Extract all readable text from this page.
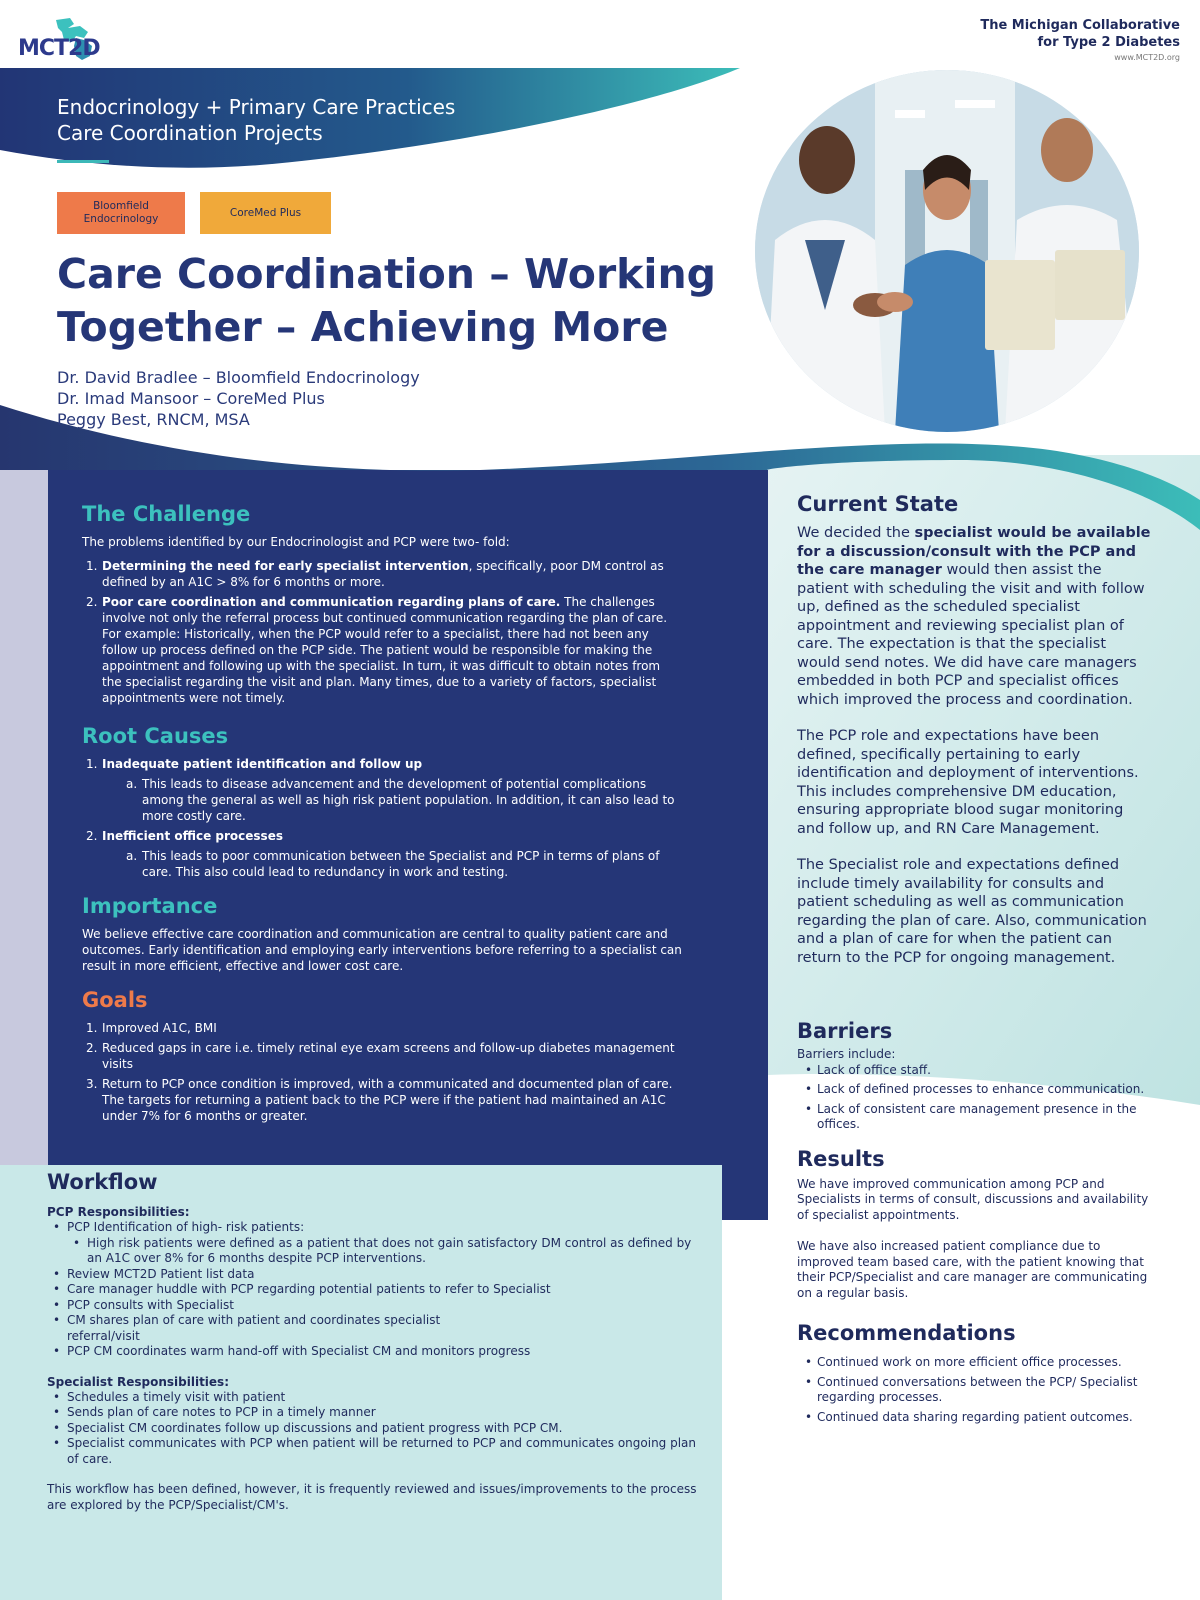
MCT2D
The Michigan Collaborative
for Type 2 Diabetes
www.MCT2D.org
Endocrinology + Primary Care Practices
Care Coordination Projects
Bloomfield Endocrinology
CoreMed Plus
Care Coordination – Working Together – Achieving More
Dr. David Bradlee – Bloomfield Endocrinology
Dr. Imad Mansoor – CoreMed Plus
Peggy Best, RNCM, MSA
The Challenge
The problems identified by our Endocrinologist and PCP were two- fold:
1. Determining the need for early specialist intervention, specifically, poor DM control as defined by an A1C > 8% for 6 months or more.
2. Poor care coordination and communication regarding plans of care. The challenges involve not only the referral process but continued communication regarding the plan of care. For example: Historically, when the PCP would refer to a specialist, there had not been any follow up process defined on the PCP side. The patient would be responsible for making the appointment and following up with the specialist. In turn, it was difficult to obtain notes from the specialist regarding the visit and plan. Many times, due to a variety of factors, specialist appointments were not timely.
Root Causes
1. Inadequate patient identification and follow up
a. This leads to disease advancement and the development of potential complications among the general as well as high risk patient population. In addition, it can also lead to more costly care.
2. Inefficient office processes
a. This leads to poor communication between the Specialist and PCP in terms of plans of care. This also could lead to redundancy in work and testing.
Importance
We believe effective care coordination and communication are central to quality patient care and outcomes. Early identification and employing early interventions before referring to a specialist can result in more efficient, effective and lower cost care.
Goals
1. Improved A1C, BMI
2. Reduced gaps in care i.e. timely retinal eye exam screens and follow-up diabetes management visits
3. Return to PCP once condition is improved, with a communicated and documented plan of care. The targets for returning a patient back to the PCP were if the patient had maintained an A1C under 7% for 6 months or greater.
Current State
We decided the specialist would be available for a discussion/consult with the PCP and the care manager would then assist the patient with scheduling the visit and with follow up, defined as the scheduled specialist appointment and reviewing specialist plan of care. The expectation is that the specialist would send notes. We did have care managers embedded in both PCP and specialist offices which improved the process and coordination.
The PCP role and expectations have been defined, specifically pertaining to early identification and deployment of interventions. This includes comprehensive DM education, ensuring appropriate blood sugar monitoring and follow up, and RN Care Management.
The Specialist role and expectations defined include timely availability for consults and patient scheduling as well as communication regarding the plan of care. Also, communication and a plan of care for when the patient can return to the PCP for ongoing management.
Barriers
Barriers include:
• Lack of office staff.
• Lack of defined processes to enhance communication.
• Lack of consistent care management presence in the offices.
Results
We have improved communication among PCP and Specialists in terms of consult, discussions and availability of specialist appointments.
We have also increased patient compliance due to improved team based care, with the patient knowing that their PCP/Specialist and care manager are communicating on a regular basis.
Recommendations
• Continued work on more efficient office processes.
• Continued conversations between the PCP/ Specialist regarding processes.
• Continued data sharing regarding patient outcomes.
Workflow
PCP Responsibilities:
• PCP Identification of high- risk patients:
• High risk patients were defined as a patient that does not gain satisfactory DM control as defined by an A1C over 8% for 6 months despite PCP interventions.
• Review MCT2D Patient list data
• Care manager huddle with PCP regarding potential patients to refer to Specialist
• PCP consults with Specialist
• CM shares plan of care with patient and coordinates specialist referral/visit
• PCP CM coordinates warm hand-off with Specialist CM and monitors progress
Specialist Responsibilities:
• Schedules a timely visit with patient
• Sends plan of care notes to PCP in a timely manner
• Specialist CM coordinates follow up discussions and patient progress with PCP CM.
• Specialist communicates with PCP when patient will be returned to PCP and communicates ongoing plan of care.
This workflow has been defined, however, it is frequently reviewed and issues/improvements to the process are explored by the PCP/Specialist/CM's.
